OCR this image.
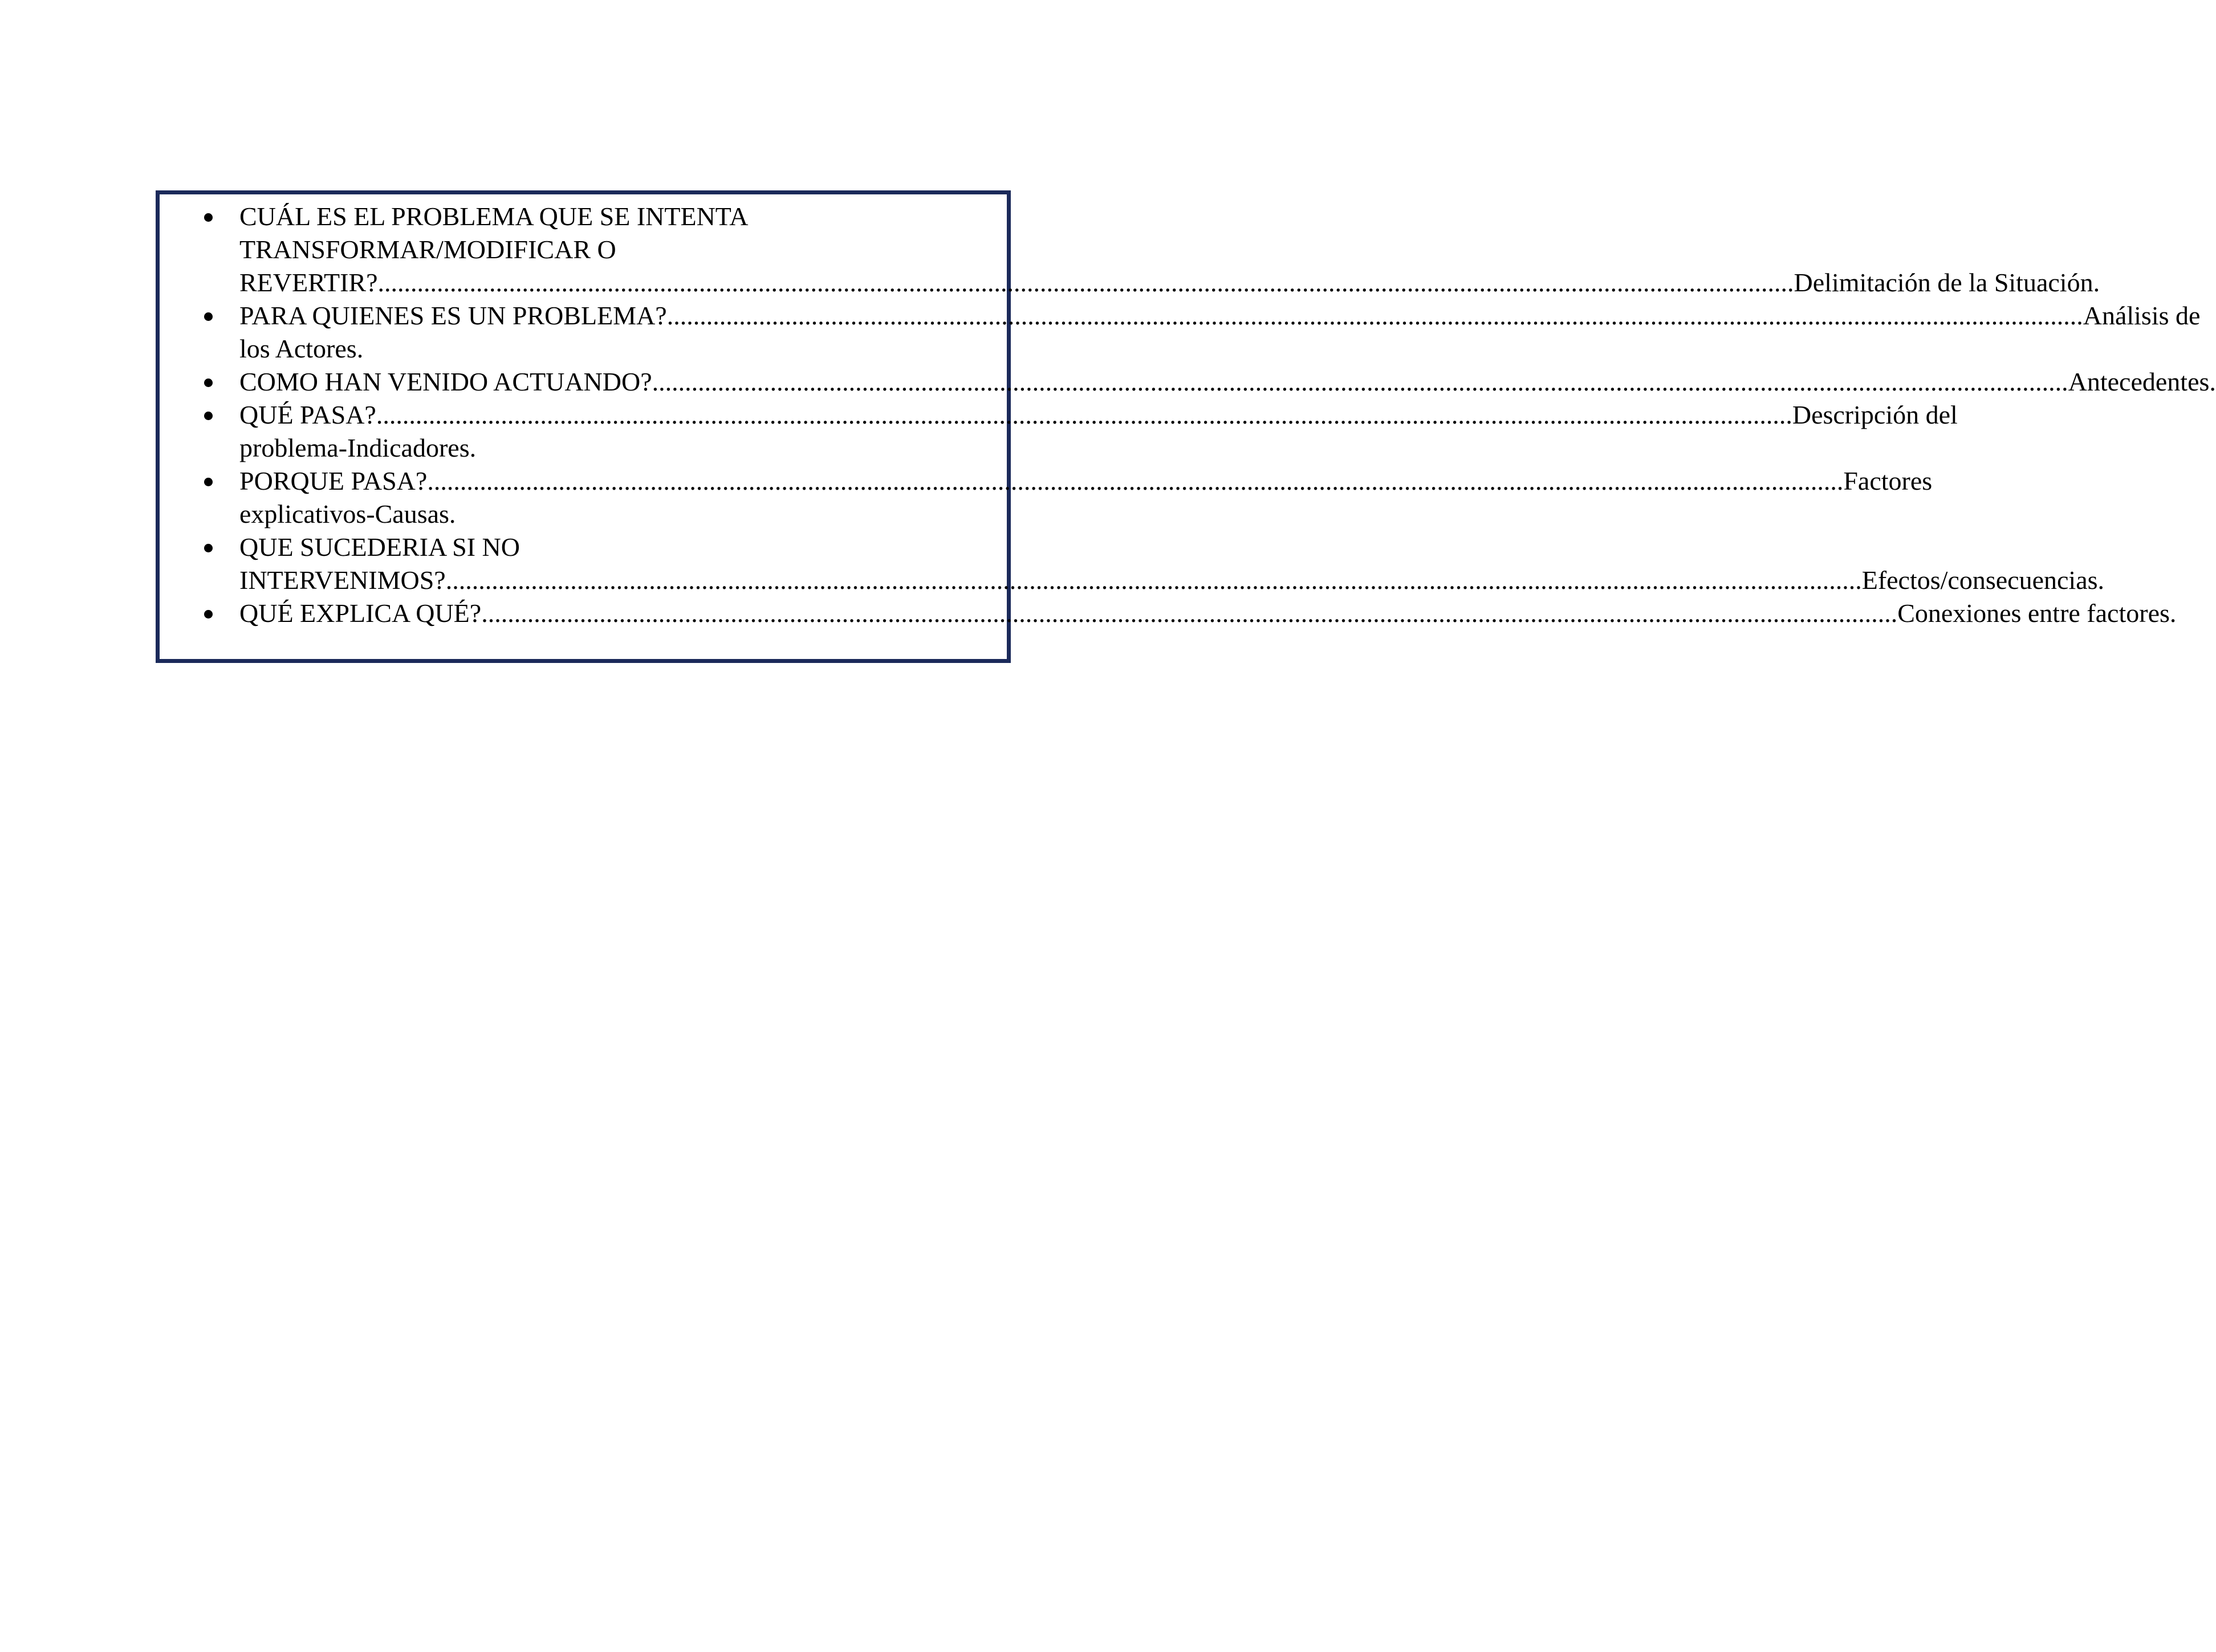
CUÁL ES EL PROBLEMA QUE SE INTENTA
TRANSFORMAR/MODIFICAR O
REVERTIR? ........................................................................................................................................................................................................................ Delimitación de la Situación.
PARA QUIENES ES UN PROBLEMA? ........................................................................................................................................................................................................................ Análisis de
los Actores.
COMO HAN VENIDO ACTUANDO? ........................................................................................................................................................................................................................ Antecedentes.
QUÉ PASA? ........................................................................................................................................................................................................................ Descripción del
problema-Indicadores.
PORQUE PASA? ........................................................................................................................................................................................................................ Factores
explicativos-Causas.
QUE SUCEDERIA SI NO
INTERVENIMOS? ........................................................................................................................................................................................................................ Efectos/consecuencias.
QUÉ EXPLICA QUÉ? ........................................................................................................................................................................................................................ Conexiones entre factores.
